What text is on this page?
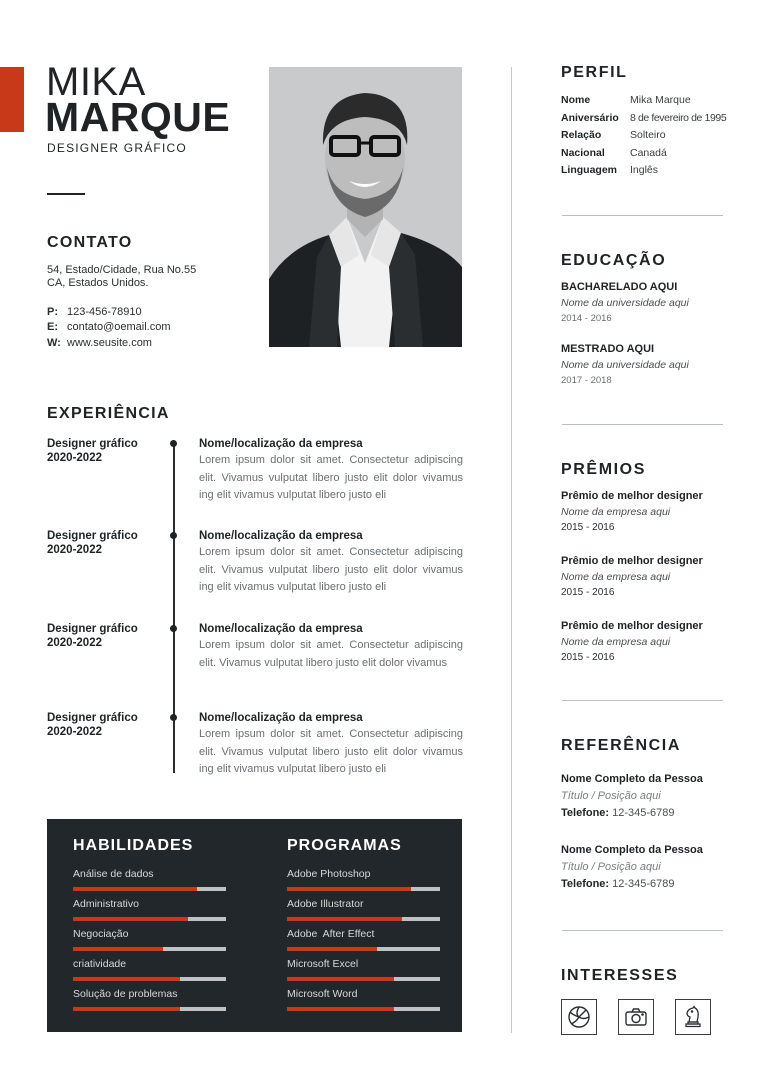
MIKA
MARQUE
DESIGNER GRÁFICO
CONTATO
54, Estado/Cidade, Rua No.55
CA, Estados Unidos.
P: 123-456-78910
E: contato@oemail.com
W: www.seusite.com
EXPERIÊNCIA
Designer gráfico
2020-2022
Nome/localização da empresa
Lorem ipsum dolor sit amet. Consectetur adipiscing elit. Vivamus vulputat libero justo elit dolor vivamus ing elit vivamus vulputat libero justo eli
Designer gráfico
2020-2022
Nome/localização da empresa
Lorem ipsum dolor sit amet. Consectetur adipiscing elit. Vivamus vulputat libero justo elit dolor vivamus ing elit vivamus vulputat libero justo eli
Designer gráfico
2020-2022
Nome/localização da empresa
Lorem ipsum dolor sit amet. Consectetur adipiscing elit. Vivamus vulputat libero justo elit dolor vivamus
Designer gráfico
2020-2022
Nome/localização da empresa
Lorem ipsum dolor sit amet. Consectetur adipiscing elit. Vivamus vulputat libero justo elit dolor vivamus ing elit vivamus vulputat libero justo eli
HABILIDADES
Análise de dados
Administrativo
Negociação
criatividade
Solução de problemas
PROGRAMAS
Adobe Photoshop
Adobe Illustrator
Adobe  After Effect
Microsoft Excel
Microsoft Word
PERFIL
Nome	Mika Marque
Aniversário	8 de fevereiro de 1995
Relação	Solteiro
Nacional	Canadá
Linguagem	Inglês
EDUCAÇÃO
BACHARELADO AQUI
Nome da universidade aqui
2014 - 2016
MESTRADO AQUI
Nome da universidade aqui
2017 - 2018
PRÊMIOS
Prêmio de melhor designer
Nome da empresa aqui
2015 - 2016
Prêmio de melhor designer
Nome da empresa aqui
2015 - 2016
Prêmio de melhor designer
Nome da empresa aqui
2015 - 2016
REFERÊNCIA
Nome Completo da Pessoa
Título / Posição aqui
Telefone: 12-345-6789
Nome Completo da Pessoa
Título / Posição aqui
Telefone: 12-345-6789
INTERESSES
